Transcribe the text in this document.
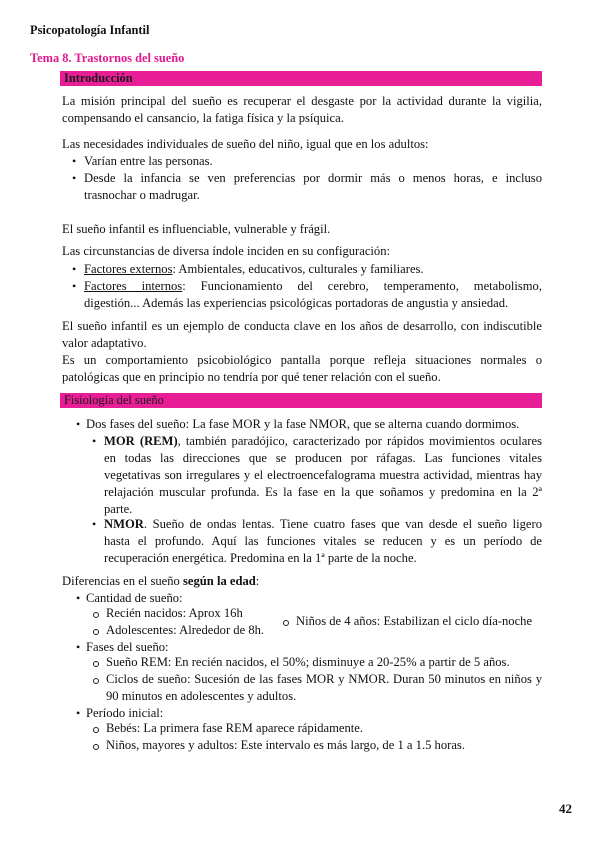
Psicopatología Infantil
Tema 8. Trastornos del sueño
Introducción
La misión principal del sueño es recuperar el desgaste por la actividad durante la vigilia,
compensando el cansancio, la fatiga física y la psíquica.
Las necesidades individuales de sueño del niño, igual que en los adultos:
• Varían entre las personas.
• Desde la infancia se ven preferencias por dormir más o menos horas, e incluso
trasnochar o madrugar.
El sueño infantil es influenciable, vulnerable y frágil.
Las circunstancias de diversa índole inciden en su configuración:
• Factores externos: Ambientales, educativos, culturales y familiares.
• Factores internos: Funcionamiento del cerebro, temperamento, metabolismo,
digestión... Además las experiencias psicológicas portadoras de angustia y ansiedad.
El sueño infantil es un ejemplo de conducta clave en los años de desarrollo, con indiscutible
valor adaptativo.
Es un comportamiento psicobiológico pantalla porque refleja situaciones normales o
patológicas que en principio no tendría por qué tener relación con el sueño.
Fisiología del sueño
• Dos fases del sueño: La fase MOR y la fase NMOR, que se alterna cuando dormimos.
• MOR (REM), también paradójico, caracterizado por rápidos movimientos oculares
en todas las direcciones que se producen por ráfagas. Las funciones vitales
vegetativas son irregulares y el electroencefalograma muestra actividad, mientras hay
relajación muscular profunda. Es la fase en la que soñamos y predomina en la 2ª
parte.
• NMOR. Sueño de ondas lentas. Tiene cuatro fases que van desde el sueño ligero
hasta el profundo. Aquí las funciones vitales se reducen y es un período de
recuperación energética. Predomina en la 1ª parte de la noche.
Diferencias en el sueño según la edad:
• Cantidad de sueño:
Recién nacidos: Aprox 16h
Adolescentes: Alrededor de 8h.
Niños de 4 años: Estabilizan el ciclo día-noche
• Fases del sueño:
Sueño REM: En recién nacidos, el 50%; disminuye a 20-25% a partir de 5 años.
Ciclos de sueño: Sucesión de las fases MOR y NMOR. Duran 50 minutos en niños y
90 minutos en adolescentes y adultos.
• Período inicial:
Bebés: La primera fase REM aparece rápidamente.
Niños, mayores y adultos: Este intervalo es más largo, de 1 a 1.5 horas.
42
